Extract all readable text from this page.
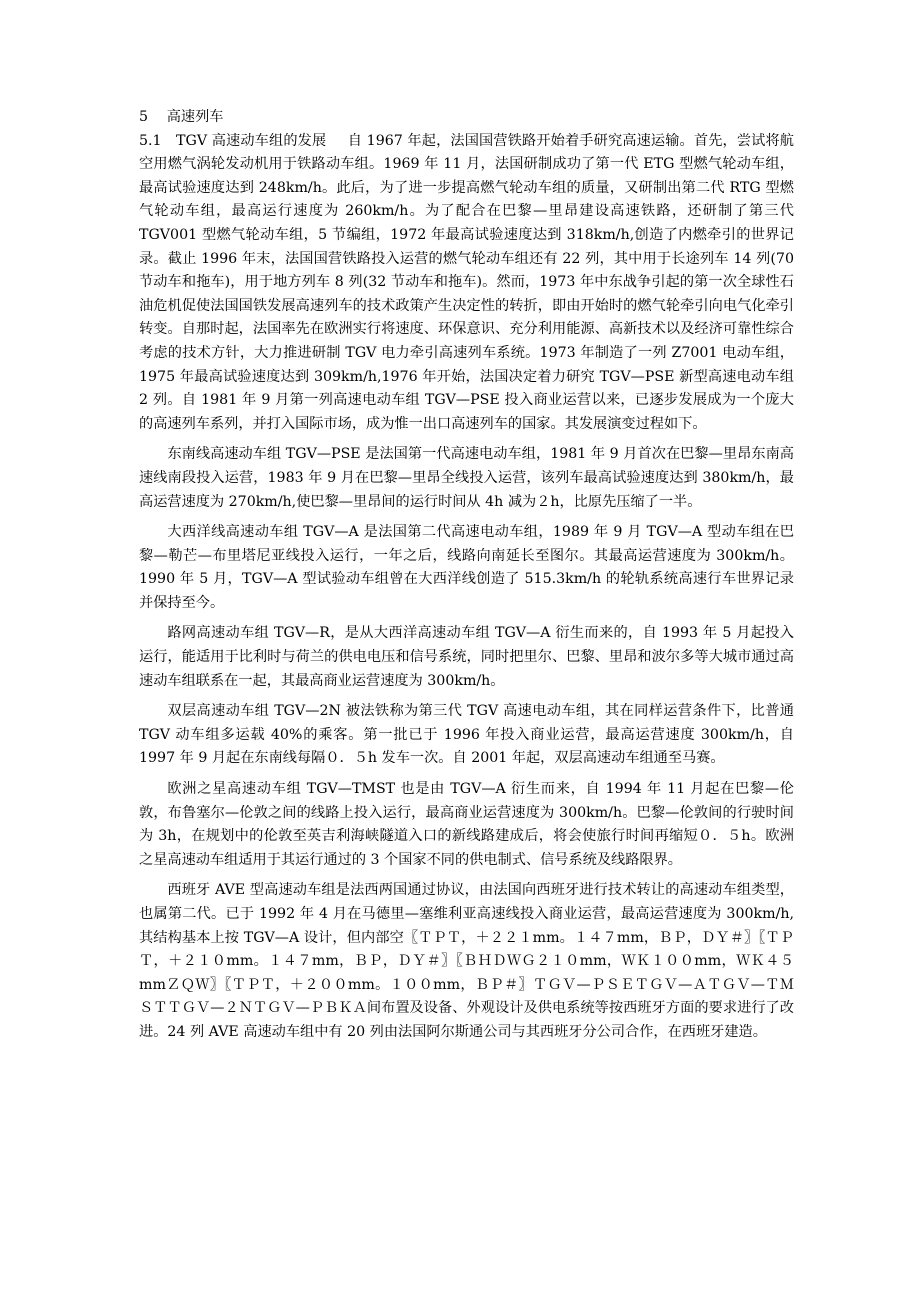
5　 高速列车

5.1　TGV 高速动车组的发展   自 1967 年起，法国国营铁路开始着手研究高速运输。首先，尝试将航空用燃气涡轮发动机用于铁路动车组。1969 年 11 月，法国研制成功了第一代 ETG 型燃气轮动车组，最高试验速度达到 248km/h。此后，为了进一步提高燃气轮动车组的质量，又研制出第二代 RTG 型燃气轮动车组，最高运行速度为 260km/h。为了配合在巴黎—里昂建设高速铁路，还研制了第三代 TGV001 型燃气轮动车组，5 节编组，1972 年最高试验速度达到 318km/h,创造了内燃牵引的世界记录。截止 1996 年末，法国国营铁路投入运营的燃气轮动车组还有 22 列，其中用于长途列车 14 列(70 节动车和拖车)，用于地方列车 8 列(32 节动车和拖车)。然而，1973 年中东战争引起的第一次全球性石油危机促使法国国铁发展高速列车的技术政策产生决定性的转折，即由开始时的燃气轮牵引向电气化牵引转变。自那时起，法国率先在欧洲实行将速度、环保意识、充分利用能源、高新技术以及经济可靠性综合考虑的技术方针，大力推进研制 TGV 电力牵引高速列车系统。1973 年制造了一列 Z7001 电动车组，1975 年最高试验速度达到 309km/h,1976 年开始，法国决定着力研究 TGV—PSE 新型高速电动车组 2 列。自 1981 年 9 月第一列高速电动车组 TGV—PSE 投入商业运营以来，已逐步发展成为一个庞大的高速列车系列，并打入国际市场，成为惟一出口高速列车的国家。其发展演变过程如下。

东南线高速动车组 TGV—PSE 是法国第一代高速电动车组，1981 年 9 月首次在巴黎—里昂东南高速线南段投入运营，1983 年 9 月在巴黎—里昂全线投入运营，该列车最高试验速度达到 380km/h，最高运营速度为 270km/h,使巴黎—里昂间的运行时间从 4h 减为２h，比原先压缩了一半。

大西洋线高速动车组 TGV—A 是法国第二代高速电动车组，1989 年 9 月 TGV—A 型动车组在巴黎—勒芒—布里塔尼亚线投入运行，一年之后，线路向南延长至图尔。其最高运营速度为 300km/h。1990 年 5 月，TGV—A 型试验动车组曾在大西洋线创造了 515.3km/h 的轮轨系统高速行车世界记录并保持至今。

路网高速动车组 TGV—R，是从大西洋高速动车组 TGV—A 衍生而来的，自 1993 年 5 月起投入运行，能适用于比利时与荷兰的供电电压和信号系统，同时把里尔、巴黎、里昂和波尔多等大城市通过高速动车组联系在一起，其最高商业运营速度为 300km/h。

双层高速动车组 TGV—2N 被法铁称为第三代 TGV 高速电动车组，其在同样运营条件下，比普通 TGV 动车组多运载 40%的乘客。第一批已于 1996 年投入商业运营，最高运营速度 300km/h，自 1997 年 9 月起在东南线每隔０．５h 发车一次。自 2001 年起，双层高速动车组通至马赛。

欧洲之星高速动车组 TGV—TMST 也是由 TGV—A 衍生而来，自 1994 年 11 月起在巴黎—伦敦，布鲁塞尔—伦敦之间的线路上投入运行，最高商业运营速度为 300km/h。巴黎—伦敦间的行驶时间为 3h，在规划中的伦敦至英吉利海峡隧道入口的新线路建成后，将会使旅行时间再缩短０．５h。欧洲之星高速动车组适用于其运行通过的 3 个国家不同的供电制式、信号系统及线路限界。

西班牙 AVE 型高速动车组是法西两国通过协议，由法国向西班牙进行技术转让的高速动车组类型，也属第二代。已于 1992 年 4 月在马德里—塞维利亚高速线投入商业运营，最高运营速度为 300km/h,其结构基本上按 TGV—A 设计，但内部空〖ＴＰＴ，＋２２１mm。１４７mm，ＢＰ，ＤＹ＃〗〖ＴＰＴ，＋２１０mm。１４７mm，ＢＰ，ＤＹ＃〗〖ＢＨＤＷＧ２１０mm，ＷＫ１００mm，ＷＫ４５mmＺＱＷ〗〖ＴＰＴ，＋２００mm。１００mm，ＢＰ＃〗ＴＧＶ—ＰＳＥＴＧＶ—ＡＴＧＶ—ＴＭＳＴＴＧＶ—２ＮＴＧＶ—ＰＢＫＡ间布置及设备、外观设计及供电系统等按西班牙方面的要求进行了改进。24 列 AVE 高速动车组中有 20 列由法国阿尔斯通公司与其西班牙分公司合作，在西班牙建造。
